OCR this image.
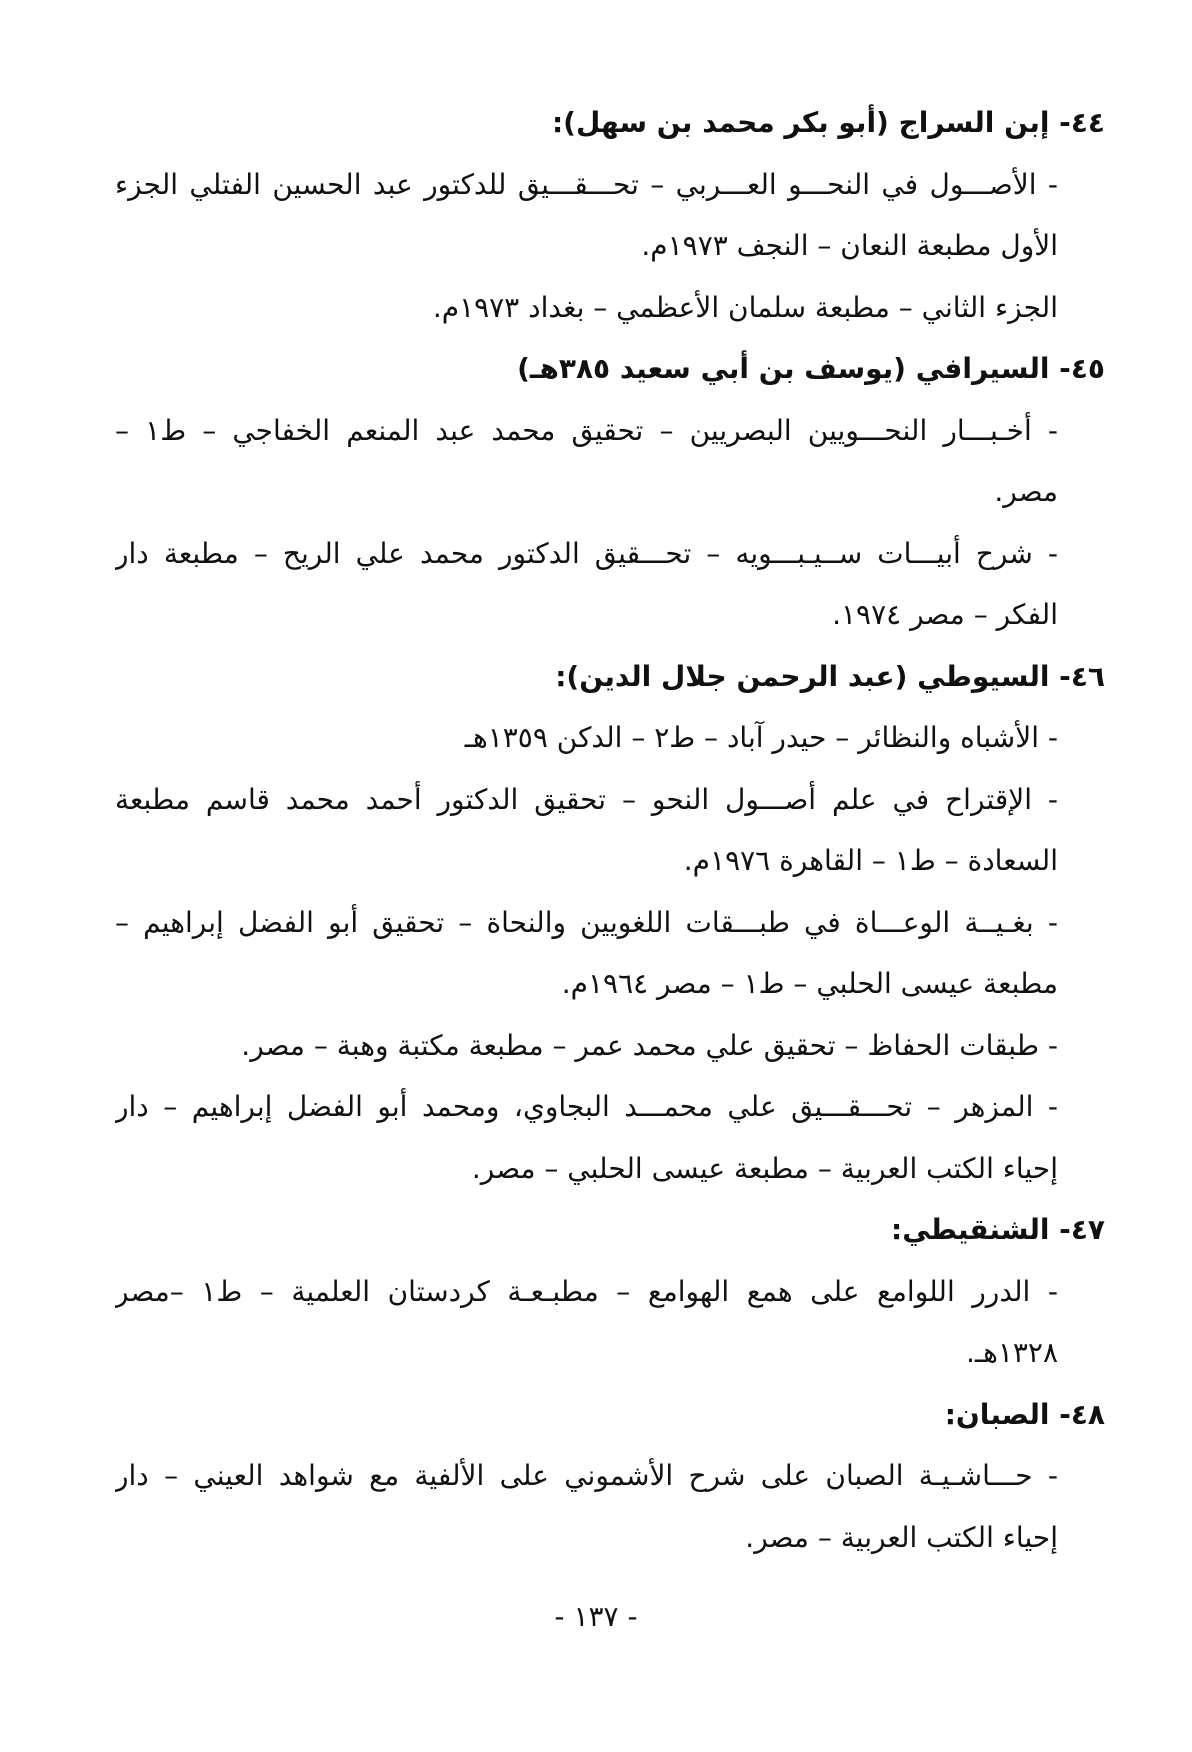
٤٤- إبن السراج (أبو بكر محمد بن سهل):
- الأصـــول في النحـــو العـــربي – تحـــقـــيق للدكتور عبد الحسين الفتلي الجزء
الأول مطبعة النعان – النجف ١٩٧٣م.
الجزء الثاني – مطبعة سلمان الأعظمي – بغداد ١٩٧٣م.
٤٥- السيرافي (يوسف بن أبي سعيد ٣٨٥هـ)
- أخـبـــار النحـــويين البصريين – تحقيق محمد عبد المنعم الخفاجي – ط١ –
مصر.
- شرح أبيـــات ســيـبـــويه – تحـــقيق الدكتور محمد علي الريح – مطبعة دار
الفكر – مصر ١٩٧٤.
٤٦- السيوطي (عبد الرحمن جلال الدين):
- الأشباه والنظائر – حيدر آباد – ط٢ – الدكن ١٣٥٩هـ
- الإقتراح في علم أصـــول النحو – تحقيق الدكتور أحمد محمد قاسم مطبعة
السعادة – ط١ – القاهرة ١٩٧٦م.
- بغـيــة الوعـــاة في طبـــقات اللغويين والنحاة – تحقيق أبو الفضل إبراهيم –
مطبعة عيسى الحلبي – ط١ – مصر ١٩٦٤م.
- طبقات الحفاظ – تحقيق علي محمد عمر – مطبعة مكتبة وهبة – مصر.
- المزهر – تحـــقـــيق علي محمـــد البجاوي، ومحمد أبو الفضل إبراهيم – دار
إحياء الكتب العربية – مطبعة عيسى الحلبي – مصر.
٤٧- الشنقيطي:
- الدرر اللوامع على همع الهوامع – مطبـعـة كردستان العلمية – ط١ –مصر
١٣٢٨هـ.
٤٨- الصبان:
- حـــاشـيـة الصبان على شرح الأشموني على الألفية مع شواهد العيني – دار
إحياء الكتب العربية – مصر.
- ١٣٧ -
